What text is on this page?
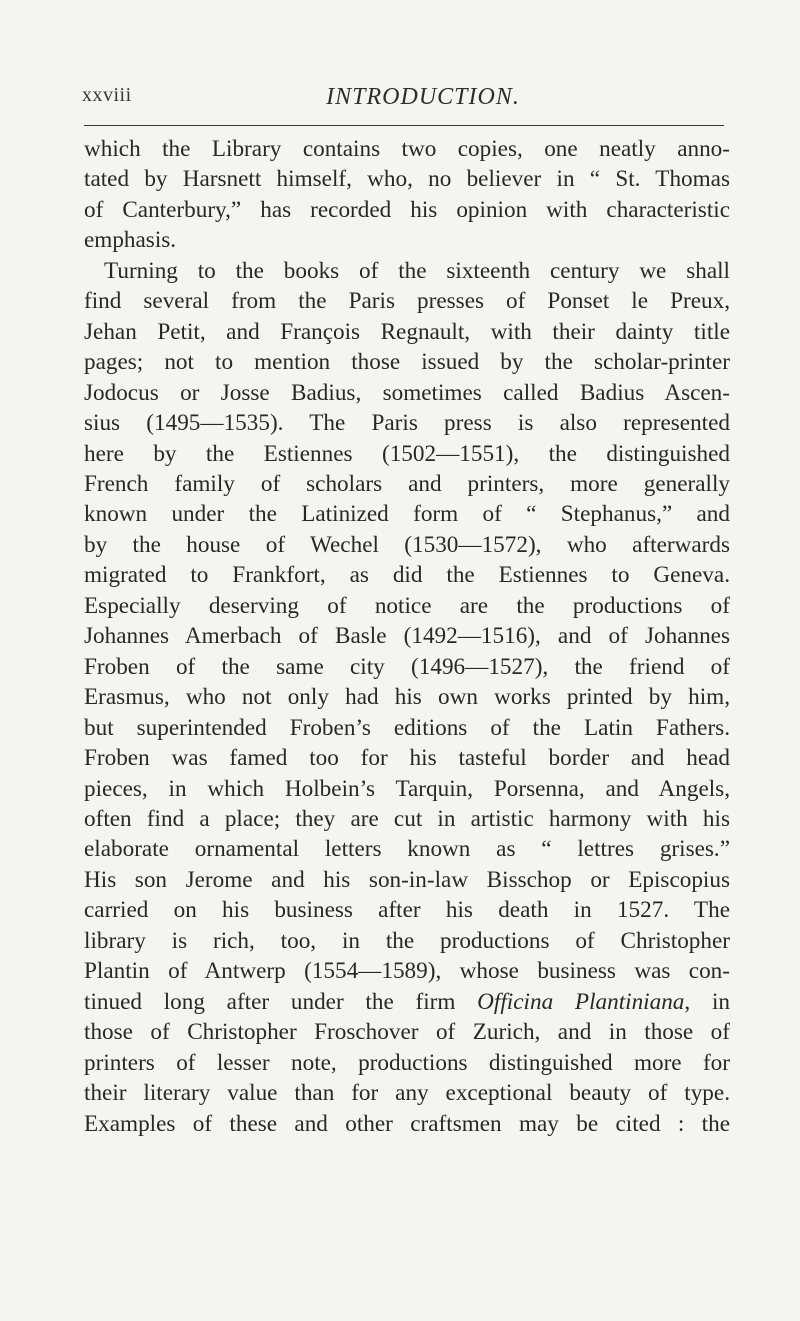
xxviii	INTRODUCTION.
which the Library contains two copies, one neatly anno-
tated by Harsnett himself, who, no believer in “ St. Thomas
of Canterbury,” has recorded his opinion with characteristic
emphasis.
Turning to the books of the sixteenth century we shall
find several from the Paris presses of Ponset le Preux,
Jehan Petit, and François Regnault, with their dainty title
pages; not to mention those issued by the scholar-printer
Jodocus or Josse Badius, sometimes called Badius Ascen-
sius (1495—1535). The Paris press is also represented
here by the Estiennes (1502—1551), the distinguished
French family of scholars and printers, more generally
known under the Latinized form of “ Stephanus,” and
by the house of Wechel (1530—1572), who afterwards
migrated to Frankfort, as did the Estiennes to Geneva.
Especially deserving of notice are the productions of
Johannes Amerbach of Basle (1492—1516), and of Johannes
Froben of the same city (1496—1527), the friend of
Erasmus, who not only had his own works printed by him,
but superintended Froben’s editions of the Latin Fathers.
Froben was famed too for his tasteful border and head
pieces, in which Holbein’s Tarquin, Porsenna, and Angels,
often find a place; they are cut in artistic harmony with his
elaborate ornamental letters known as “ lettres grises.”
His son Jerome and his son-in-law Bisschop or Episcopius
carried on his business after his death in 1527. The
library is rich, too, in the productions of Christopher
Plantin of Antwerp (1554—1589), whose business was con-
tinued long after under the firm Officina Plantiniana, in
those of Christopher Froschover of Zurich, and in those of
printers of lesser note, productions distinguished more for
their literary value than for any exceptional beauty of type.
Examples of these and other craftsmen may be cited : the
